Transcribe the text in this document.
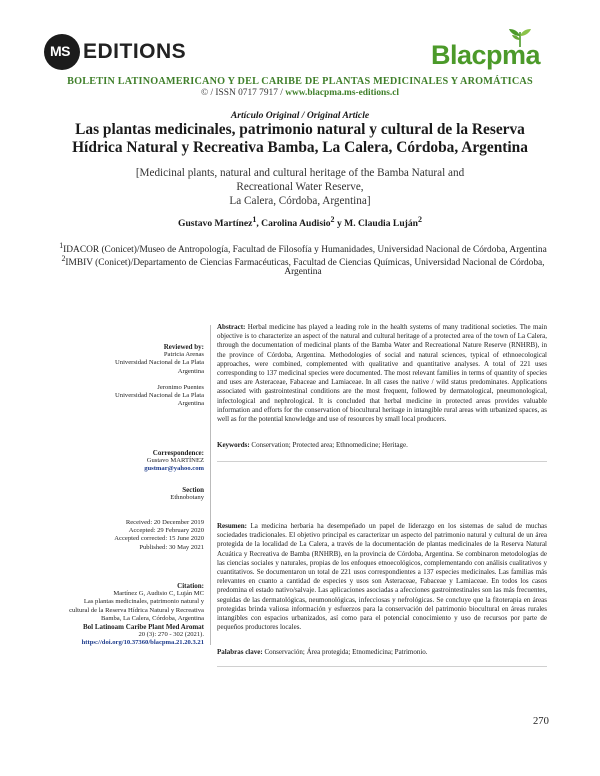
MS EDITIONS	Blacpma
BOLETIN LATINOAMERICANO Y DEL CARIBE DE PLANTAS MEDICINALES Y AROMÁTICAS
© / ISSN 0717 7917 / www.blacpma.ms-editions.cl
Artículo Original / Original Article
Las plantas medicinales, patrimonio natural y cultural de la Reserva
Hídrica Natural y Recreativa Bamba, La Calera, Córdoba, Argentina
[Medicinal plants, natural and cultural heritage of the Bamba Natural and Recreational Water Reserve,
La Calera, Córdoba, Argentina]
Gustavo Martínez$^1$, Carolina Audisio$^2$ y M. Claudia Luján$^2$
$^1$IDACOR (Conicet)/Museo de Antropología, Facultad de Filosofía y Humanidades, Universidad Nacional de Córdoba, Argentina
$^2$IMBIV (Conicet)/Departamento de Ciencias Farmacéuticas, Facultad de Ciencias Químicas, Universidad Nacional de Córdoba,
Argentina
Reviewed by:
Patricia Arenas
Universidad Nacional de La Plata
Argentina
Jeronimo Puentes
Universidad Nacional de La Plata
Argentina
Correspondence:
Gustavo MARTÍNEZ
gustmar@yahoo.com
Section
Ethnobotany
Received: 20 December 2019
Accepted: 29 February 2020
Accepted corrected: 15 June 2020
Published: 30 May 2021
Citation:
Martínez G, Audisio C, Luján MC
Las plantas medicinales, patrimonio natural y
cultural de la Reserva Hídrica Natural y Recreativa
Bamba, La Calera, Córdoba, Argentina
Bol Latinoam Caribe Plant Med Aromat
20 (3): 270 - 302 (2021).
https://doi.org/10.37360/blacpma.21.20.3.21
Abstract: Herbal medicine has played a leading role in the health systems of many traditional societies. The main objective is to characterize an aspect of the natural and cultural heritage of a protected area of the town of La Calera, through the documentation of medicinal plants of the Bamba Water and Recreational Nature Reserve (RNHRB), in the province of Córdoba, Argentina. Methodologies of social and natural sciences, typical of ethnoecological approaches, were combined, complemented with qualitative and quantitative analyses. A total of 221 uses corresponding to 137 medicinal species were documented. The most relevant families in terms of quantity of species and uses are Asteraceae, Fabaceae and Lamiaceae. In all cases the native / wild status predominates. Applications associated with gastrointestinal conditions are the most frequent, followed by dermatological, pneumonological, infectological and nephrological. It is concluded that herbal medicine in protected areas provides valuable information and efforts for the conservation of biocultural heritage in intangible rural areas with urbanized spaces, as well as for the potential knowledge and use of resources by small local producers.
Keywords: Conservation; Protected area; Ethnomedicine; Heritage.
Resumen: La medicina herbaria ha desempeñado un papel de liderazgo en los sistemas de salud de muchas sociedades tradicionales. El objetivo principal es caracterizar un aspecto del patrimonio natural y cultural de un área protegida de la localidad de La Calera, a través de la documentación de plantas medicinales de la Reserva Natural Acuática y Recreativa de Bamba (RNHRB), en la provincia de Córdoba, Argentina. Se combinaron metodologías de las ciencias sociales y naturales, propias de los enfoques etnoecológicos, complementando con análisis cualitativos y cuantitativos. Se documentaron un total de 221 usos correspondientes a 137 especies medicinales. Las familias más relevantes en cuanto a cantidad de especies y usos son Asteraceae, Fabaceae y Lamiaceae. En todos los casos predomina el estado nativo/salvaje. Las aplicaciones asociadas a afecciones gastrointestinales son las más frecuentes, seguidas de las dermatológicas, neumonológicas, infecciosas y nefrológicas. Se concluye que la fitoterapia en áreas protegidas brinda valiosa información y esfuerzos para la conservación del patrimonio biocultural en áreas rurales intangibles con espacios urbanizados, así como para el potencial conocimiento y uso de recursos por parte de pequeños productores locales.
Palabras clave: Conservación; Área protegida; Etnomedicina; Patrimonio.
270
